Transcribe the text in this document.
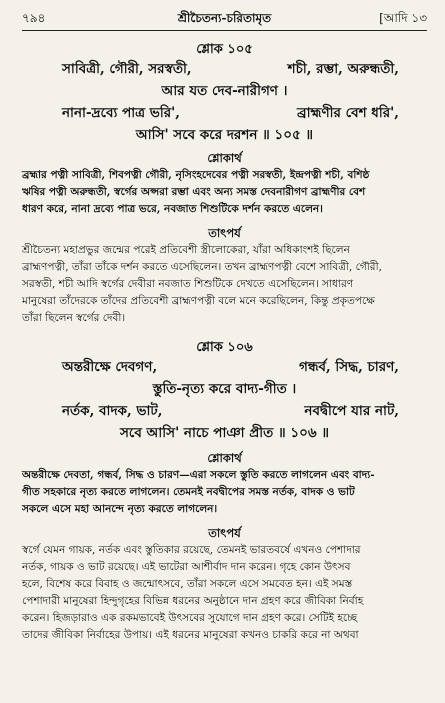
৭৯৪	শ্রীচৈতন্য-চরিতামৃত	[আদি ১৩
শ্লোক ১০৫
সাবিত্রী, গৌরী, সরস্বতী,	শচী, রম্ভা, অরুন্ধতী,
আর যত দেব-নারীগণ ।
নানা-দ্রব্যে পাত্র ভরি',	ব্রাহ্মণীর বেশ ধরি',
আসি' সবে করে দরশন ॥ ১০৫ ॥
শ্লোকার্থ
ব্রহ্মার পত্নী সাবিত্রী, শিবপত্নী গৌরী, নৃসিংহদেবের পত্নী সরস্বতী, ইন্দ্রপত্নী শচী, বশিষ্ঠ
ঋষির পত্নী অরুন্ধতী, স্বর্গের অপ্সরা রম্ভা এবং অন্য সমস্ত দেবনারীগণ ব্রাহ্মণীর বেশ
ধারণ করে, নানা দ্রব্যে পাত্র ভরে, নবজাত শিশুটিকে দর্শন করতে এলেন।
তাৎপর্য
শ্রীচৈতন্য মহাপ্রভুর জন্মের পরেই প্রতিবেশী স্ত্রীলোকেরা, যাঁরা অধিকাংশই ছিলেন
ব্রাহ্মণপত্নী, তাঁরা তাঁকে দর্শন করতে এসেছিলেন। তখন ব্রাহ্মণপত্নী বেশে সাবিত্রী, গৌরী,
সরস্বতী, শচী আদি স্বর্গের দেবীরা নবজাত শিশুটিকে দেখতে এসেছিলেন। সাধারণ
মানুষেরা তাঁদেরকে তাঁদের প্রতিবেশী ব্রাহ্মণপত্নী বলে মনে করেছিলেন, কিন্তু প্রকৃতপক্ষে
তাঁরা ছিলেন স্বর্গের দেবী।
শ্লোক ১০৬
অন্তরীক্ষে দেবগণ,	গন্ধর্ব, সিদ্ধ, চারণ,
স্তুতি-নৃত্য করে বাদ্য-গীত ।
নর্তক, বাদক, ভাট,	নবদ্বীপে যার নাট,
সবে আসি' নাচে পাঞা প্রীত ॥ ১০৬ ॥
শ্লোকার্থ
অন্তরীক্ষে দেবতা, গন্ধর্ব, সিদ্ধ ও চারণ—এরা সকলে স্তুতি করতে লাগলেন এবং বাদ্য-
গীত সহকারে নৃত্য করতে লাগলেন। তেমনই নবদ্বীপের সমস্ত নর্তক, বাদক ও ভাট
সকলে এসে মহা আনন্দে নৃত্য করতে লাগলেন।
তাৎপর্য
স্বর্গে যেমন গায়ক, নর্তক এবং স্তুতিকার রয়েছে, তেমনই ভারতবর্ষে এখনও পেশাদার
নর্তক, গায়ক ও ভাট রয়েছে। এই ভাটেরা আশীর্বাদ দান করেন। গৃহে কোন উৎসব
হলে, বিশেষ করে বিবাহ ও জন্মোৎসবে, তাঁরা সকলে এসে সমবেত হন। এই সমস্ত
পেশাদারী মানুষেরা হিন্দুগৃহের বিভিন্ন ধরনের অনুষ্ঠানে দান গ্রহণ করে জীবিকা নির্বাহ
করেন। হিজড়ারাও এক রকমভাবেই উৎসবের সুযোগে দান গ্রহণ করে। সেটিই হচ্ছে
তাদের জীবিকা নির্বাহের উপায়। এই ধরনের মানুষেরা কখনও চাকরি করে না অথবা
